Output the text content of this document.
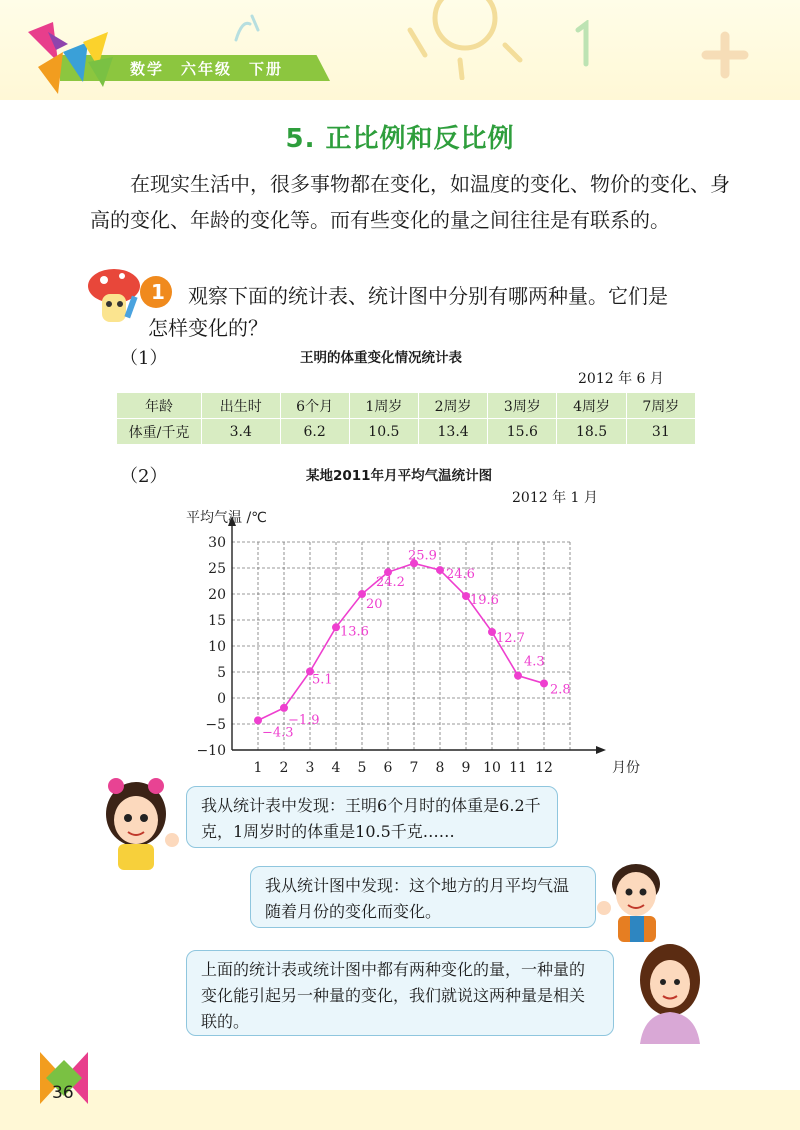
数学　六年级　下册
5. 正比例和反比例
在现实生活中，很多事物都在变化，如温度的变化、物价的变化、身高的变化、年龄的变化等。而有些变化的量之间往往是有联系的。
1	观察下面的统计表、统计图中分别有哪两种量。它们是
怎样变化的？
（1）	王明的体重变化情况统计表
2012 年 6 月
年龄	出生时	6个月	1周岁	2周岁	3周岁	4周岁	7周岁
体重/千克	3.4	6.2	10.5	13.4	15.6	18.5	31
（2）	某地2011年月平均气温统计图
2012 年 1 月
−10
−5
0
5
10
15
20
25
30
1 2 3 4 5 6 7 8 9 10 11 12
平均气温 /℃
月份
−4.3
−1.9
5.1
13.6
20
24.2
25.9
24.6
19.6
12.7
4.3
2.8
我从统计表中发现：王明6个月时的体重是6.2千克，1周岁时的体重是10.5千克……
我从统计图中发现：这个地方的月平均气温随着月份的变化而变化。
上面的统计表或统计图中都有两种变化的量，一种量的变化能引起另一种量的变化，我们就说这两种量是相关联的。
36
